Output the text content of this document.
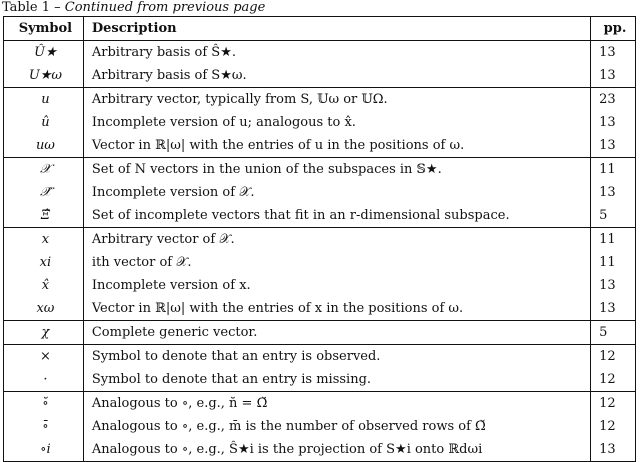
Table 1 – Continued from previous page
Symbol	Description	pp.
Û★	Arbitrary basis of Ŝ★.	13
U★ω	Arbitrary basis of S★ω.	13
u	Arbitrary vector, typically from S, 𝕌ω or 𝕌Ω.	23
û	Incomplete version of u; analogous to x̂.	13
uω	Vector in ℝ|ω| with the entries of u in the positions of ω.	13
𝒳	Set of N vectors in the union of the subspaces in 𝕊★.	11
𝒳̂	Incomplete version of 𝒳.	13
Ξ̂	Set of incomplete vectors that fit in an r-dimensional subspace.	5
x	Arbitrary vector of 𝒳.	11
xi	ith vector of 𝒳.	11
x̂	Incomplete version of x.	13
xω	Vector in ℝ|ω| with the entries of x in the positions of ω.	13
χ	Complete generic vector.	5
×	Symbol to denote that an entry is observed.	12
·	Symbol to denote that an entry is missing.	12
∘̆	Analogous to ∘, e.g., n̆ = Ω̆	12
∘̄	Analogous to ∘, e.g., m̄ is the number of observed rows of Ω̆	12
∘i	Analogous to ∘, e.g., Ŝ★i is the projection of S★i onto ℝdωi	13
